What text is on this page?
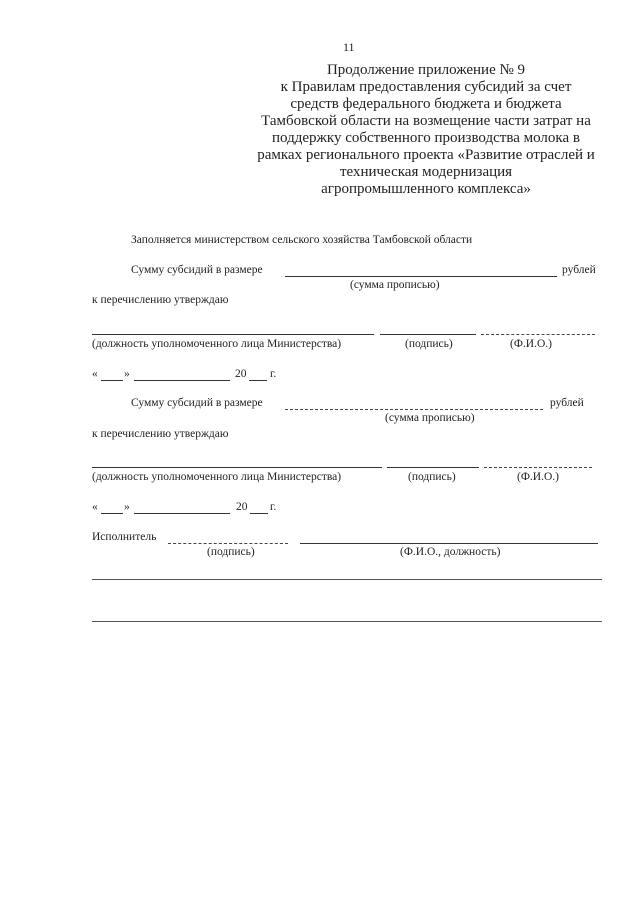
11
Продолжение приложение № 9
к Правилам предоставления субсидий за счет
средств федерального бюджета и бюджета
Тамбовской области на возмещение части затрат на
поддержку собственного производства молока в
рамках регионального проекта «Развитие отраслей и
техническая модернизация
агропромышленного комплекса»
Заполняется министерством сельского хозяйства Тамбовской области
Сумму субсидий в размере	рублей
(сумма прописью)
к перечислению утверждаю
(должность уполномоченного лица Министерства)	(подпись)	(Ф.И.О.)
« »	20 г.
Сумму субсидий в размере	рублей
(сумма прописью)
к перечислению утверждаю
(должность уполномоченного лица Министерства)	(подпись)	(Ф.И.О.)
« »	20 г.
Исполнитель
(подпись)	(Ф.И.О., должность)
